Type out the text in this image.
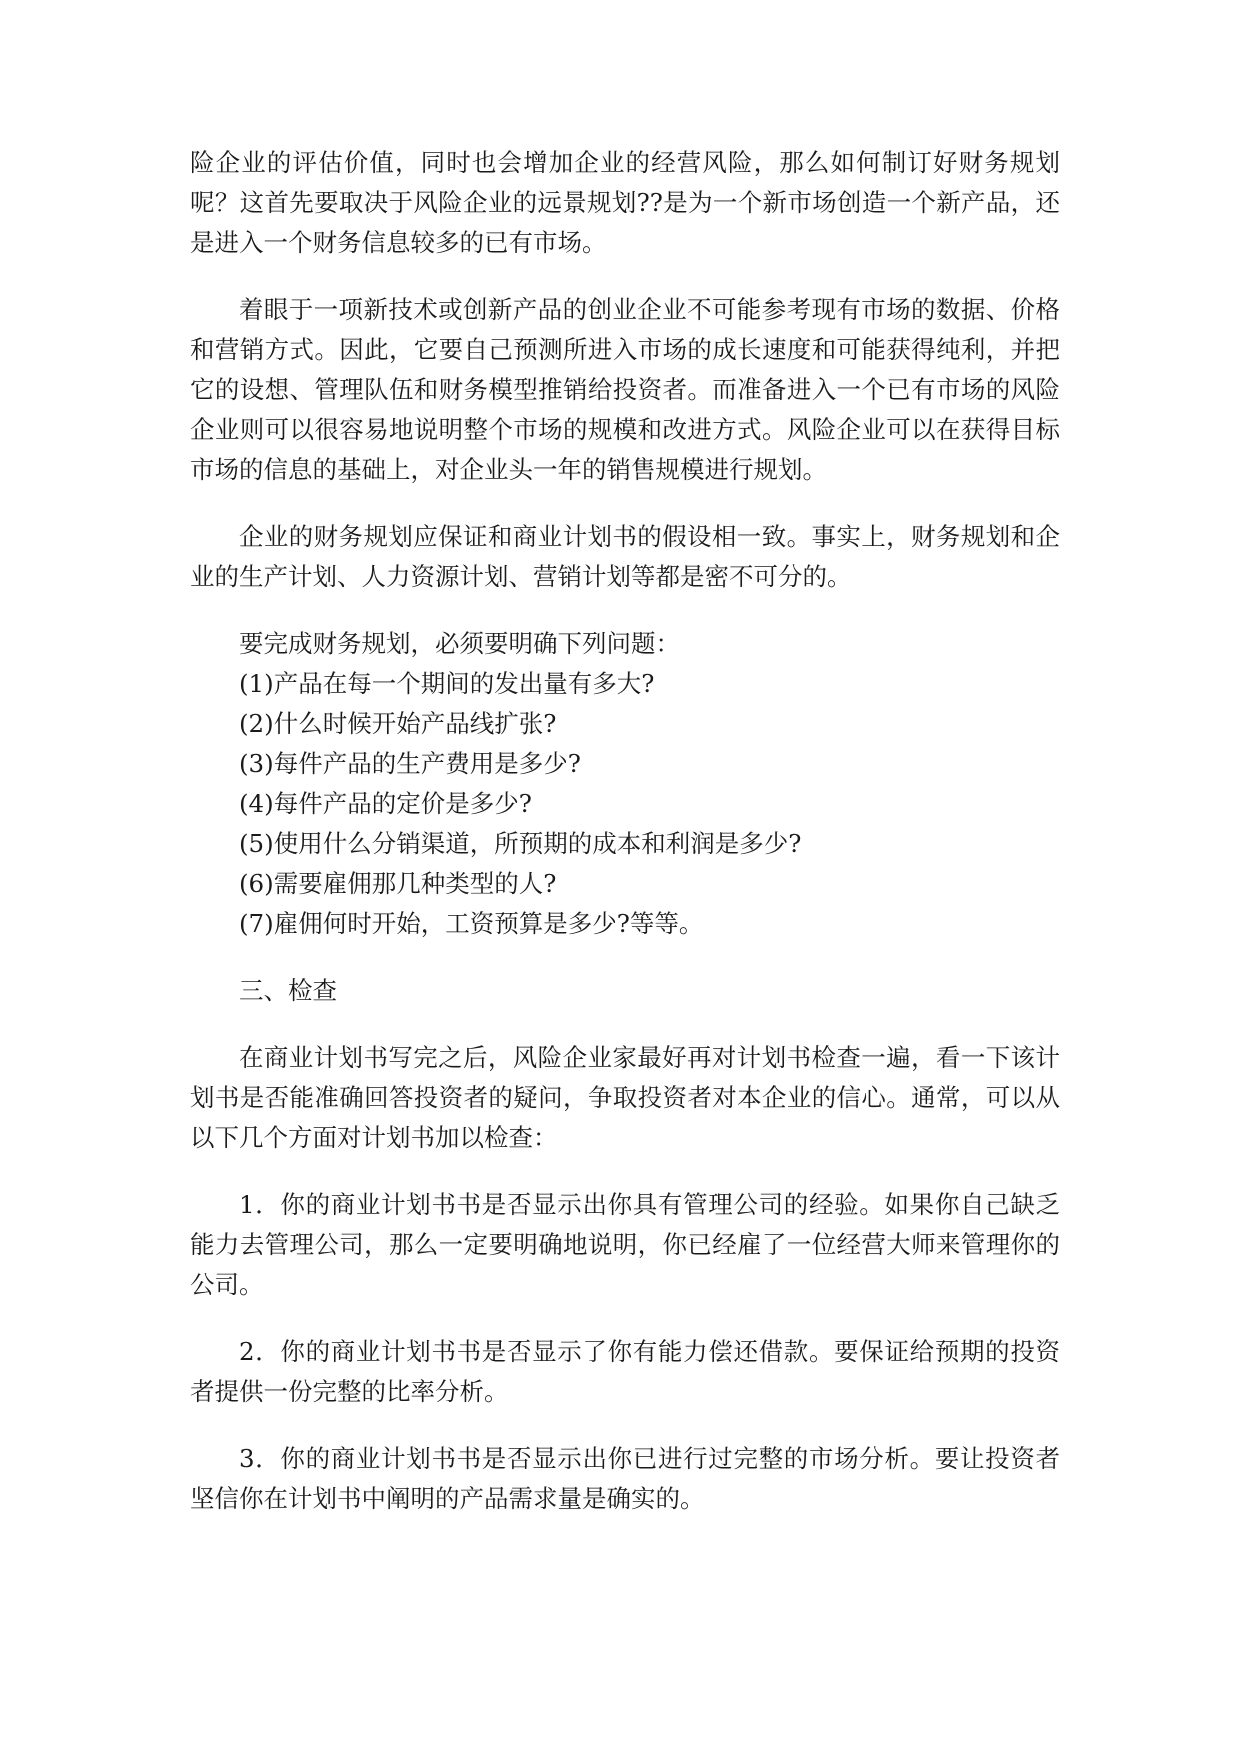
险企业的评估价值，同时也会增加企业的经营风险，那么如何制订好财务规划呢？这首先要取决于风险企业的远景规划??是为一个新市场创造一个新产品，还是进入一个财务信息较多的已有市场。

着眼于一项新技术或创新产品的创业企业不可能参考现有市场的数据、价格和营销方式。因此，它要自己预测所进入市场的成长速度和可能获得纯利，并把它的设想、管理队伍和财务模型推销给投资者。而准备进入一个已有市场的风险企业则可以很容易地说明整个市场的规模和改进方式。风险企业可以在获得目标市场的信息的基础上，对企业头一年的销售规模进行规划。

企业的财务规划应保证和商业计划书的假设相一致。事实上，财务规划和企业的生产计划、人力资源计划、营销计划等都是密不可分的。

要完成财务规划，必须要明确下列问题：
(1)产品在每一个期间的发出量有多大?
(2)什么时候开始产品线扩张?
(3)每件产品的生产费用是多少?
(4)每件产品的定价是多少?
(5)使用什么分销渠道，所预期的成本和利润是多少?
(6)需要雇佣那几种类型的人?
(7)雇佣何时开始，工资预算是多少?等等。

三、检查

在商业计划书写完之后，风险企业家最好再对计划书检查一遍，看一下该计划书是否能准确回答投资者的疑问，争取投资者对本企业的信心。通常，可以从以下几个方面对计划书加以检查：

1．你的商业计划书书是否显示出你具有管理公司的经验。如果你自己缺乏能力去管理公司，那么一定要明确地说明，你已经雇了一位经营大师来管理你的公司。

2．你的商业计划书书是否显示了你有能力偿还借款。要保证给预期的投资者提供一份完整的比率分析。

3．你的商业计划书书是否显示出你已进行过完整的市场分析。要让投资者坚信你在计划书中阐明的产品需求量是确实的。
